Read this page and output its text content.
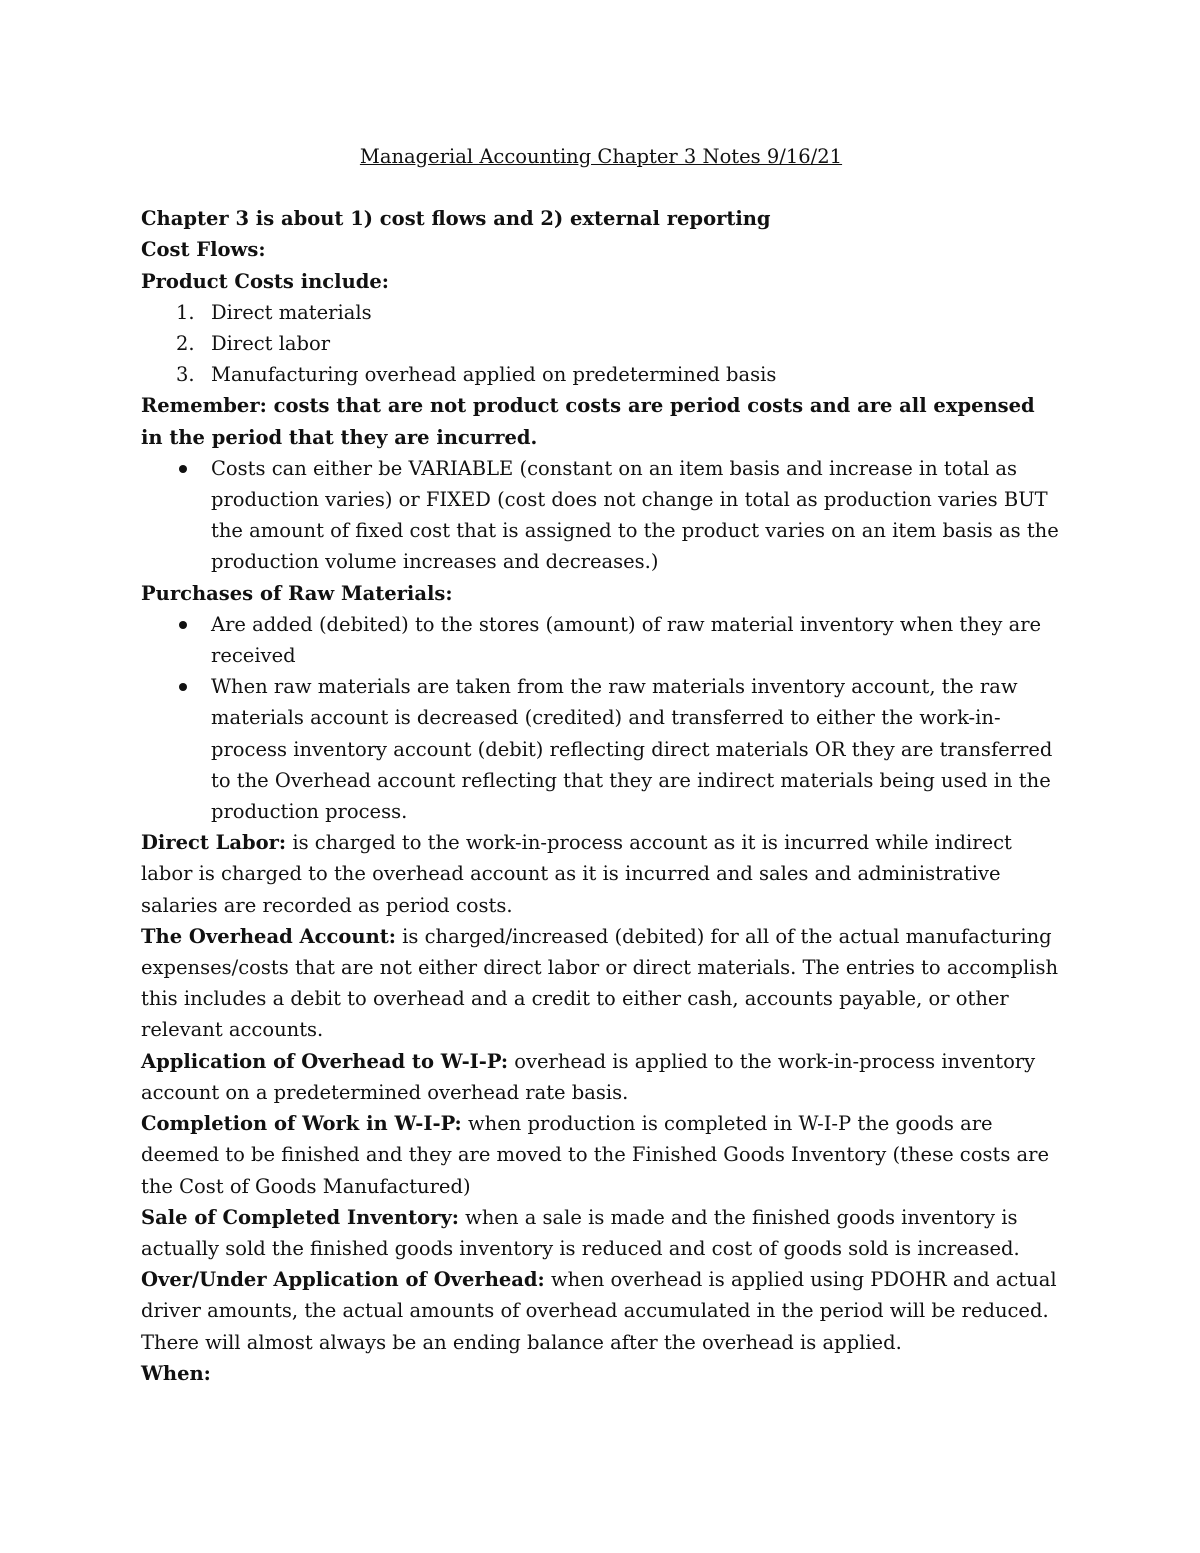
Managerial Accounting Chapter 3 Notes 9/16/21

Chapter 3 is about 1) cost flows and 2) external reporting

Cost Flows:

Product Costs include:

1. Direct materials
2. Direct labor
3. Manufacturing overhead applied on predetermined basis

Remember: costs that are not product costs are period costs and are all expensed in the period that they are incurred.

Costs can either be VARIABLE (constant on an item basis and increase in total as production varies) or FIXED (cost does not change in total as production varies BUT the amount of fixed cost that is assigned to the product varies on an item basis as the production volume increases and decreases.)

Purchases of Raw Materials:

Are added (debited) to the stores (amount) of raw material inventory when they are received
When raw materials are taken from the raw materials inventory account, the raw materials account is decreased (credited) and transferred to either the work-in-process inventory account (debit) reflecting direct materials OR they are transferred to the Overhead account reflecting that they are indirect materials being used in the production process.

Direct Labor: is charged to the work-in-process account as it is incurred while indirect labor is charged to the overhead account as it is incurred and sales and administrative salaries are recorded as period costs.

The Overhead Account: is charged/increased (debited) for all of the actual manufacturing expenses/costs that are not either direct labor or direct materials. The entries to accomplish this includes a debit to overhead and a credit to either cash, accounts payable, or other relevant accounts.

Application of Overhead to W-I-P: overhead is applied to the work-in-process inventory account on a predetermined overhead rate basis.

Completion of Work in W-I-P: when production is completed in W-I-P the goods are deemed to be finished and they are moved to the Finished Goods Inventory (these costs are the Cost of Goods Manufactured)

Sale of Completed Inventory: when a sale is made and the finished goods inventory is actually sold the finished goods inventory is reduced and cost of goods sold is increased.

Over/Under Application of Overhead: when overhead is applied using PDOHR and actual driver amounts, the actual amounts of overhead accumulated in the period will be reduced. There will almost always be an ending balance after the overhead is applied.

When:
